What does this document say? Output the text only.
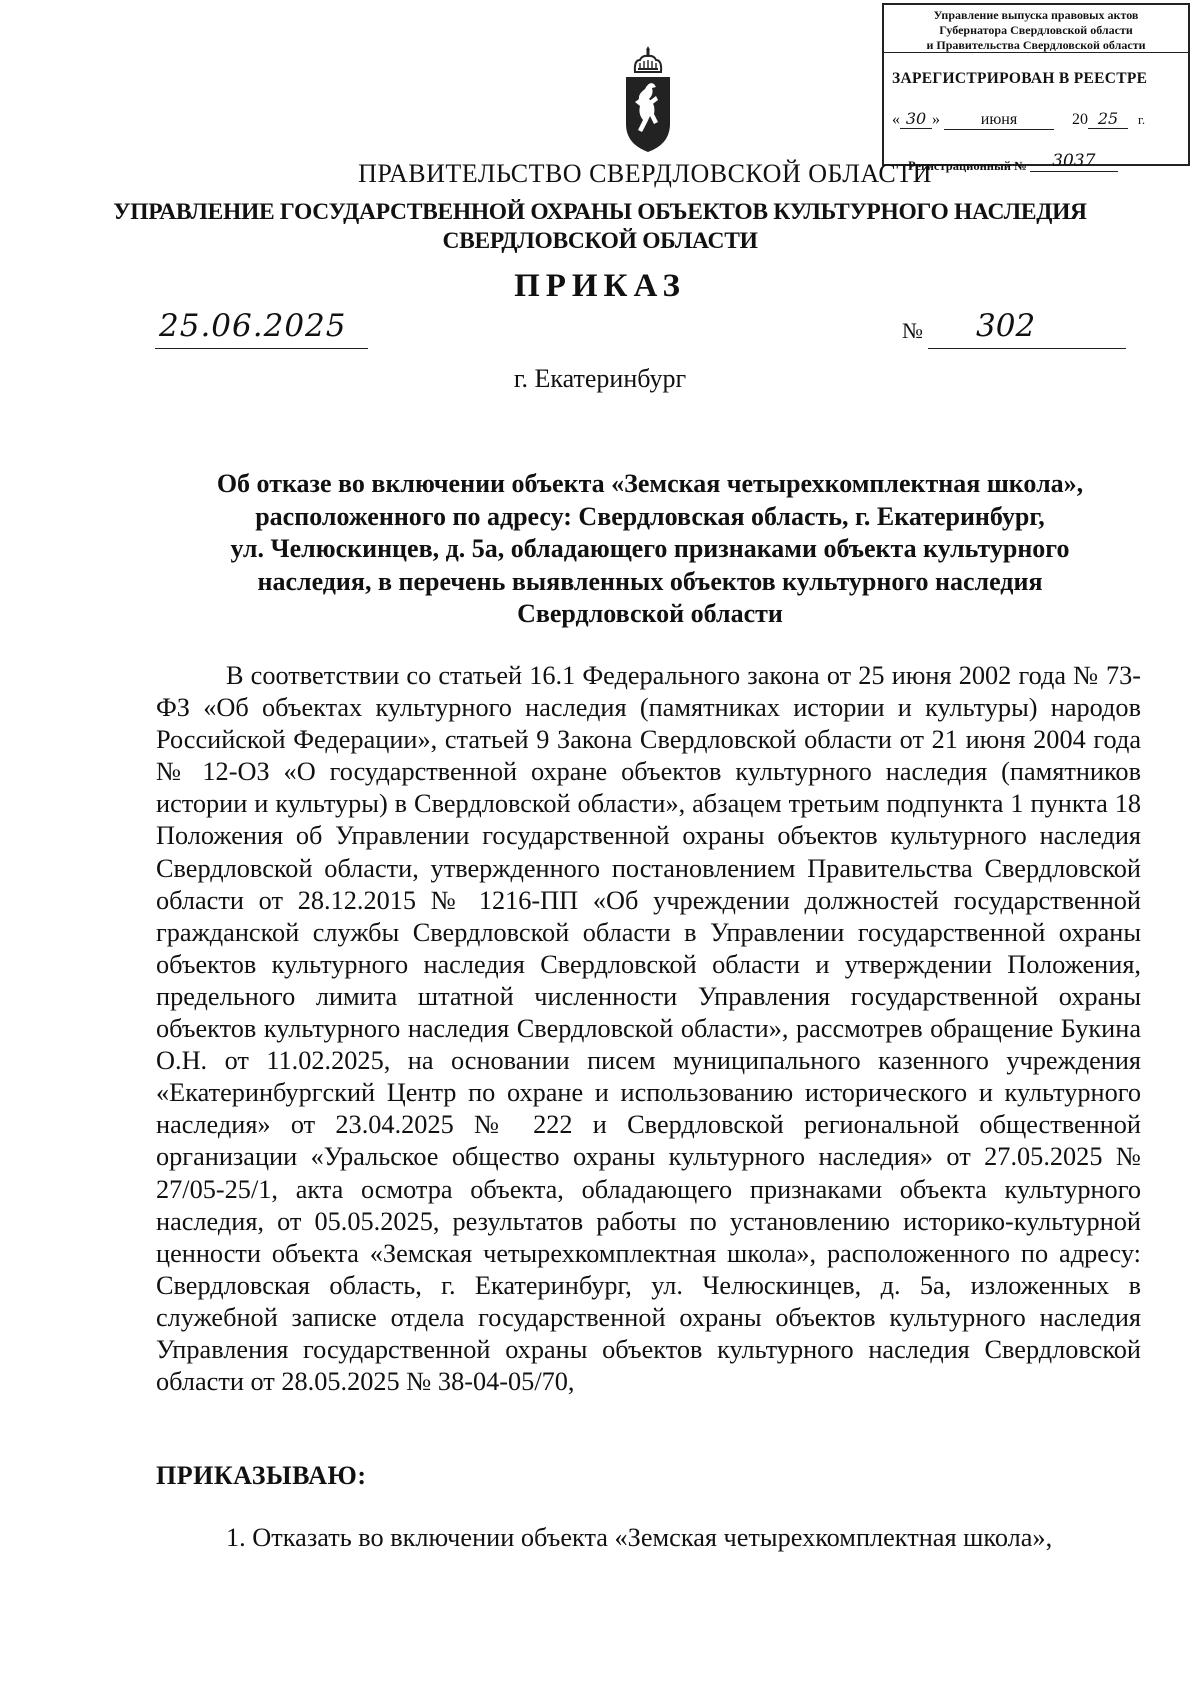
Управление выпуска правовых актов
Губернатора Свердловской области
и Правительства Свердловской области
ЗАРЕГИСТРИРОВАН В РЕЕСТРЕ
« 30 »	июня	20 25 г.
Регистрационный № 3037
ПРАВИТЕЛЬСТВО СВЕРДЛОВСКОЙ ОБЛАСТИ
УПРАВЛЕНИЕ ГОСУДАРСТВЕННОЙ ОХРАНЫ ОБЪЕКТОВ КУЛЬТУРНОГО НАСЛЕДИЯ
СВЕРДЛОВСКОЙ ОБЛАСТИ
ПРИКАЗ
25.06.2025	№ 302
г. Екатеринбург
Об отказе во включении объекта «Земская четырехкомплектная школа»,
расположенного по адресу: Свердловская область, г. Екатеринбург,
ул. Челюскинцев, д. 5а, обладающего признаками объекта культурного
наследия, в перечень выявленных объектов культурного наследия
Свердловской области
В соответствии со статьей 16.1 Федерального закона от 25 июня 2002 года № 73-ФЗ «Об объектах культурного наследия (памятниках истории и культуры) народов Российской Федерации», статьей 9 Закона Свердловской области от 21 июня 2004 года № 12-ОЗ «О государственной охране объектов культурного наследия (памятников истории и культуры) в Свердловской области», абзацем третьим подпункта 1 пункта 18 Положения об Управлении государственной охраны объектов культурного наследия Свердловской области, утвержденного постановлением Правительства Свердловской области от 28.12.2015 № 1216-ПП «Об учреждении должностей государственной гражданской службы Свердловской области в Управлении государственной охраны объектов культурного наследия Свердловской области и утверждении Положения, предельного лимита штатной численности Управления государственной охраны объектов культурного наследия Свердловской области», рассмотрев обращение Букина О.Н. от 11.02.2025, на основании писем муниципального казенного учреждения «Екатеринбургский Центр по охране и использованию исторического и культурного наследия» от 23.04.2025 № 222 и Свердловской региональной общественной организации «Уральское общество охраны культурного наследия» от 27.05.2025 № 27/05-25/1, акта осмотра объекта, обладающего признаками объекта культурного наследия, от 05.05.2025, результатов работы по установлению историко-культурной ценности объекта «Земская четырехкомплектная школа», расположенного по адресу: Свердловская область, г. Екатеринбург, ул. Челюскинцев, д. 5а, изложенных в служебной записке отдела государственной охраны объектов культурного наследия Управления государственной охраны объектов культурного наследия Свердловской области от 28.05.2025 № 38-04-05/70,
ПРИКАЗЫВАЮ:
1. Отказать во включении объекта «Земская четырехкомплектная школа»,
